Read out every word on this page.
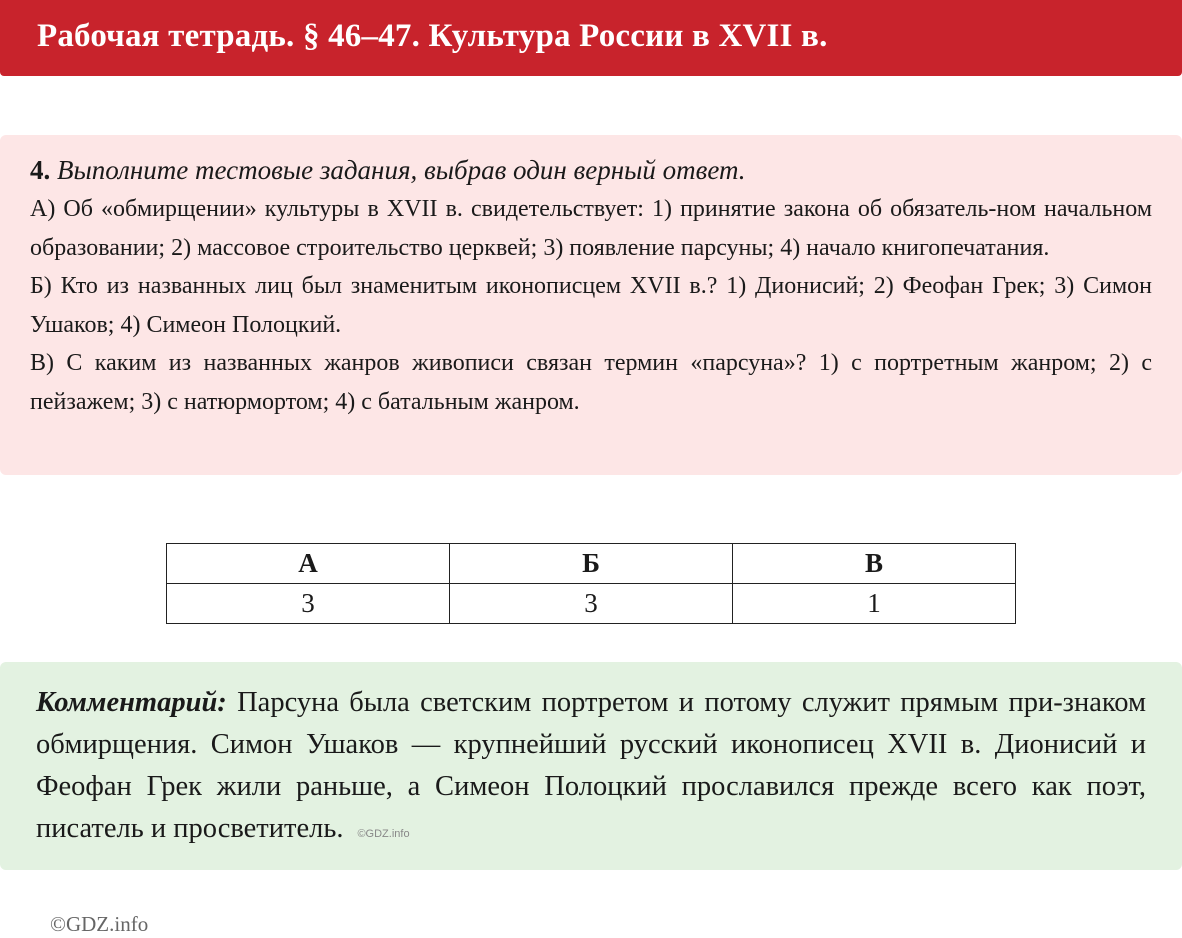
Рабочая тетрадь. § 46–47. Культура России в XVII в.

4. Выполните тестовые задания, выбрав один верный ответ.

А) Об «обмирщении» культуры в XVII в. свидетельствует: 1) принятие закона об обязатель-ном начальном образовании; 2) массовое строительство церквей; 3) появление парсуны; 4) начало книгопечатания.

Б) Кто из названных лиц был знаменитым иконописцем XVII в.? 1) Дионисий; 2) Феофан Грек; 3) Симон Ушаков; 4) Симеон Полоцкий.

В) С каким из названных жанров живописи связан термин «парсуна»? 1) с портретным жанром; 2) с пейзажем; 3) с натюрмортом; 4) с батальным жанром.

А	Б	В
3	3	1

Комментарий: Парсуна была светским портретом и потому служит прямым при-знаком обмирщения. Симон Ушаков — крупнейший русский иконописец XVII в. Дионисий и Феофан Грек жили раньше, а Симеон Полоцкий прославился прежде всего как поэт, писатель и просветитель. ©GDZ.info

©GDZ.info
